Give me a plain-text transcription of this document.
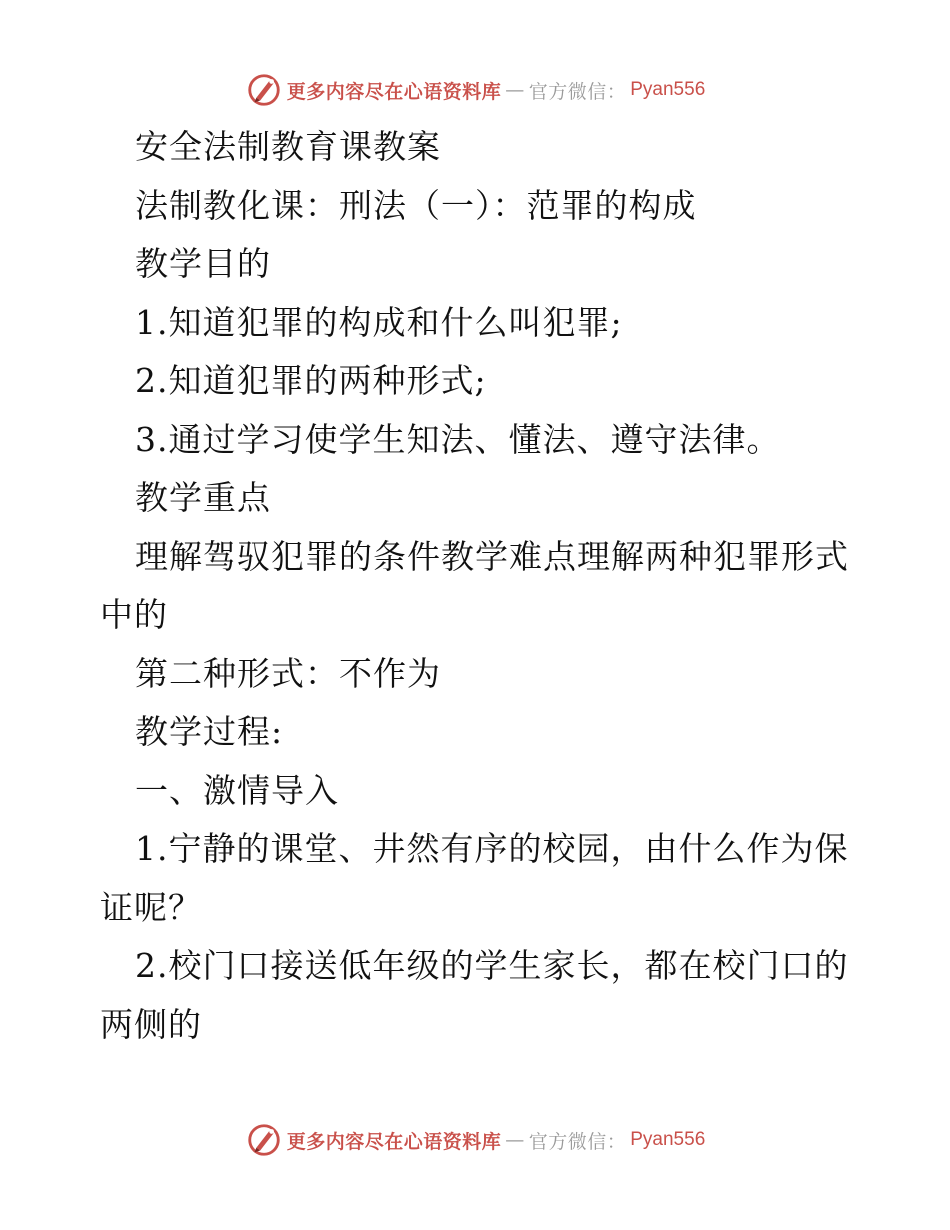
更多内容尽在心语资料库 — 官方微信： Pyan556

安全法制教育课教案

法制教化课：刑法（一）：范罪的构成

教学目的

1.知道犯罪的构成和什么叫犯罪;

2.知道犯罪的两种形式;

3.通过学习使学生知法、懂法、遵守法律。

教学重点

理解驾驭犯罪的条件教学难点理解两种犯罪形式

中的

第二种形式：不作为

教学过程:

一、激情导入

1.宁静的课堂、井然有序的校园，由什么作为保

证呢？

2.校门口接送低年级的学生家长，都在校门口的

两侧的

更多内容尽在心语资料库 — 官方微信： Pyan556
